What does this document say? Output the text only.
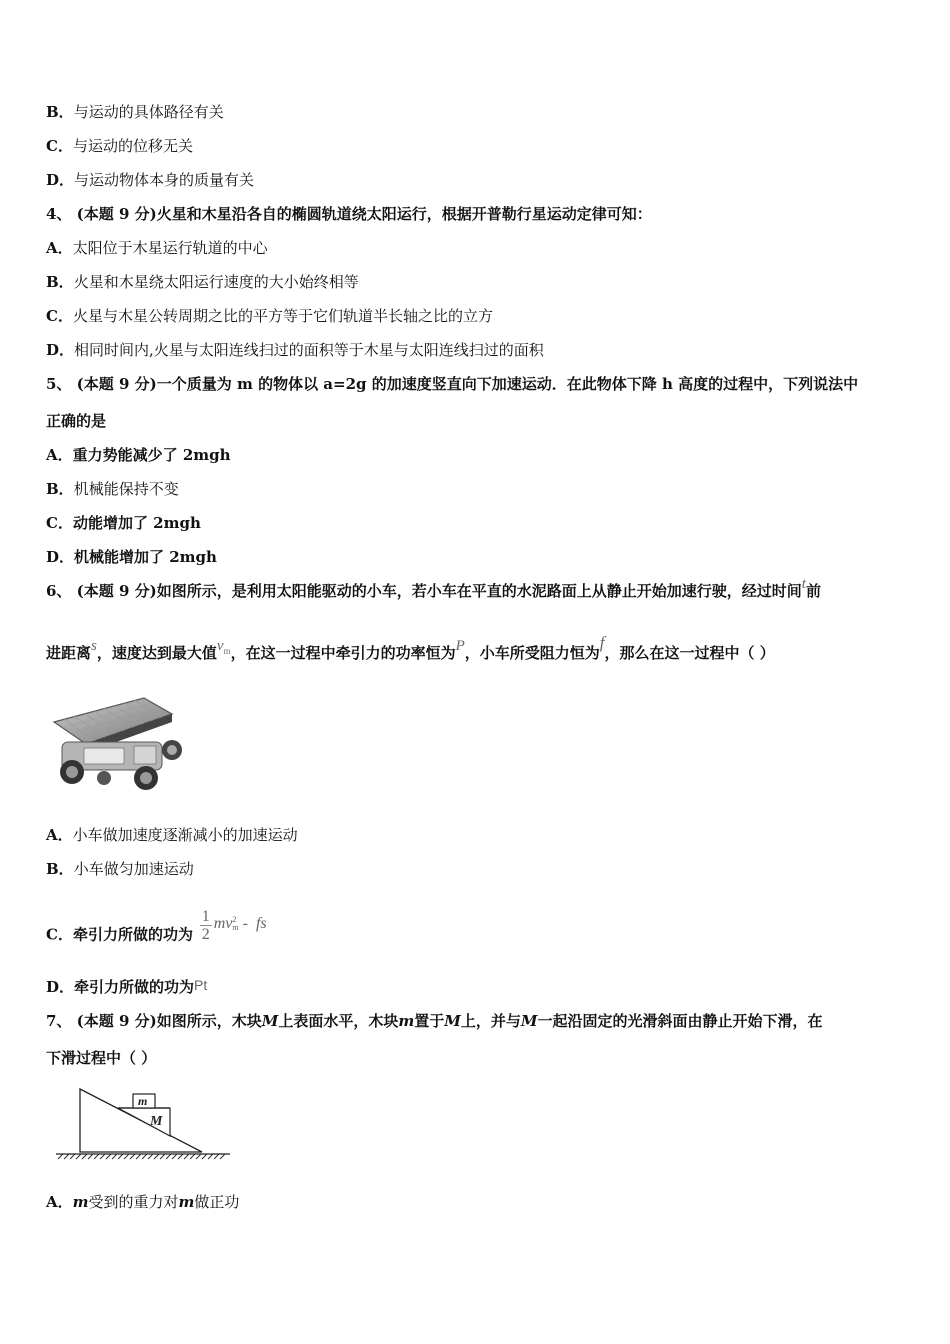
B．与运动的具体路径有关
C．与运动的位移无关
D．与运动物体本身的质量有关
4、 (本题 9 分)火星和木星沿各自的椭圆轨道绕太阳运行，根据开普勒行星运动定律可知：
A．太阳位于木星运行轨道的中心
B．火星和木星绕太阳运行速度的大小始终相等
C．火星与木星公转周期之比的平方等于它们轨道半长轴之比的立方
D．相同时间内,火星与太阳连线扫过的面积等于木星与太阳连线扫过的面积
5、 (本题 9 分)一个质量为 m 的物体以 a=2g 的加速度竖直向下加速运动．在此物体下降 h 高度的过程中，下列说法中
正确的是
A．重力势能减少了 2mgh
B．机械能保持不变
C．动能增加了 2mgh
D．机械能增加了 2mgh
6、 (本题 9 分)如图所示，是利用太阳能驱动的小车，若小车在平直的水泥路面上从静止开始加速行驶，经过时间t前
进距离s，速度达到最大值$v_m$，在这一过程中牵引力的功率恒为P，小车所受阻力恒为f，那么在这一过程中（ ）
A．小车做加速度逐渐减小的加速运动
B．小车做匀加速运动
C．牵引力所做的功为 $\frac{1}{2}$ mv 2
m -  fs
D．牵引力所做的功为Pt
7、 (本题 9 分)如图所示，木块M上表面水平，木块m置于M上，并与M一起沿固定的光滑斜面由静止开始下滑，在
下滑过程中（ ）
M
m
A．m受到的重力对m做正功
